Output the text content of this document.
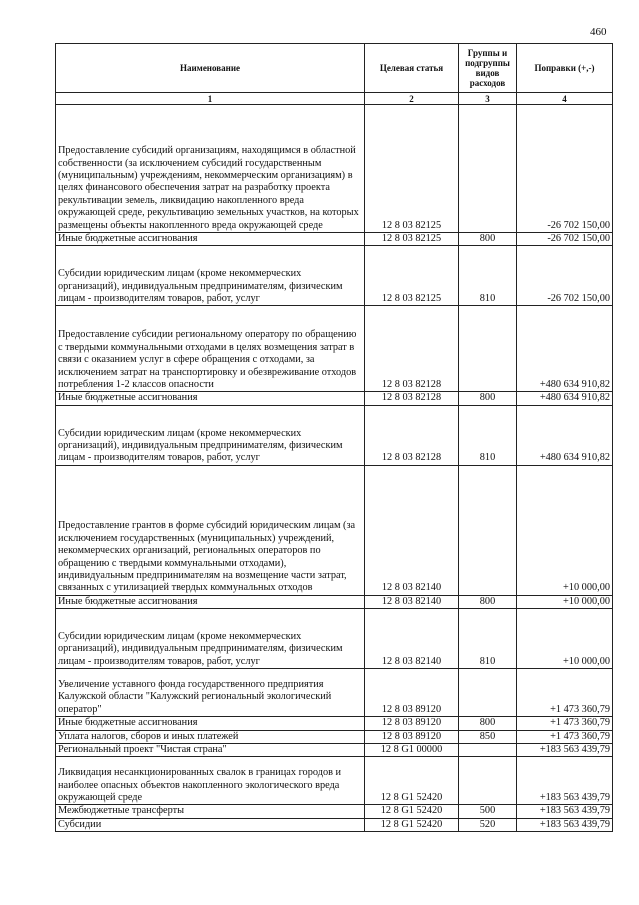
460
Наименование	Целевая статья	Группы и подгруппы видов расходов	Поправки (+,-)
1	2	3	4
Предоставление субсидий организациям, находящимся в областной собственности (за исключением субсидий государственным (муниципальным) учреждениям, некоммерческим организациям) в целях финансового обеспечения затрат на разработку проекта рекультивации земель, ликвидацию накопленного вреда окружающей среде, рекультивацию земельных участков, на которых размещены объекты накопленного вреда окружающей среде	12 8 03 82125		-26 702 150,00
Иные бюджетные ассигнования	12 8 03 82125	800	-26 702 150,00
Субсидии юридическим лицам (кроме некоммерческих организаций), индивидуальным предпринимателям, физическим лицам - производителям товаров, работ, услуг	12 8 03 82125	810	-26 702 150,00
Предоставление субсидии региональному оператору по обращению с твердыми коммунальными отходами в целях возмещения затрат в связи с оказанием услуг в сфере обращения с отходами, за исключением затрат на транспортировку и обезвреживание отходов потребления 1-2 классов опасности	12 8 03 82128		+480 634 910,82
Иные бюджетные ассигнования	12 8 03 82128	800	+480 634 910,82
Субсидии юридическим лицам (кроме некоммерческих организаций), индивидуальным предпринимателям, физическим лицам - производителям товаров, работ, услуг	12 8 03 82128	810	+480 634 910,82
Предоставление грантов в форме субсидий юридическим лицам (за исключением государственных (муниципальных) учреждений, некоммерческих организаций, региональных операторов по обращению с твердыми коммунальными отходами), индивидуальным предпринимателям на возмещение части затрат, связанных с утилизацией твердых коммунальных отходов	12 8 03 82140		+10 000,00
Иные бюджетные ассигнования	12 8 03 82140	800	+10 000,00
Субсидии юридическим лицам (кроме некоммерческих организаций), индивидуальным предпринимателям, физическим лицам - производителям товаров, работ, услуг	12 8 03 82140	810	+10 000,00
Увеличение уставного фонда государственного предприятия Калужской области "Калужский региональный экологический оператор"	12 8 03 89120		+1 473 360,79
Иные бюджетные ассигнования	12 8 03 89120	800	+1 473 360,79
Уплата налогов, сборов и иных платежей	12 8 03 89120	850	+1 473 360,79
Региональный проект "Чистая страна"	12 8 G1 00000		+183 563 439,79
Ликвидация несанкционированных свалок в границах городов и наиболее опасных объектов накопленного экологического вреда окружающей среде	12 8 G1 52420		+183 563 439,79
Межбюджетные трансферты	12 8 G1 52420	500	+183 563 439,79
Субсидии	12 8 G1 52420	520	+183 563 439,79
